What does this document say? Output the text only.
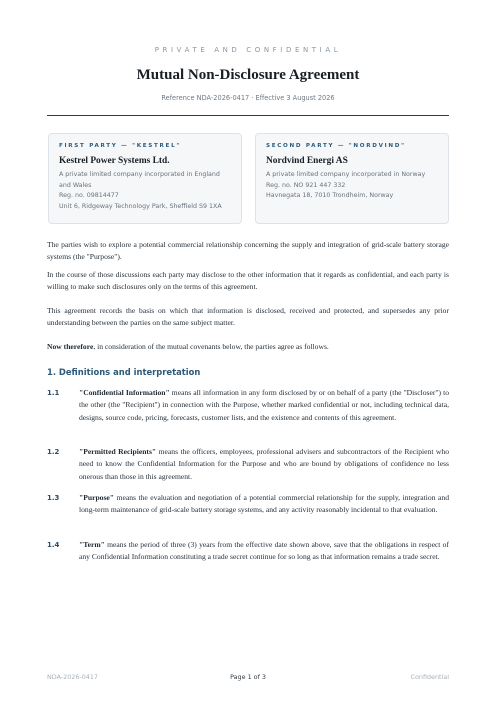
PRIVATE AND CONFIDENTIAL
Mutual Non-Disclosure Agreement
Reference NDA-2026-0417 · Effective 3 August 2026
FIRST PARTY — "KESTREL"
Kestrel Power Systems Ltd.
A private limited company incorporated in England and Wales
Reg. no. 09814477
Unit 6, Ridgeway Technology Park, Sheffield S9 1XA
SECOND PARTY — "NORDVIND"
Nordvind Energi AS
A private limited company incorporated in Norway
Reg. no. NO 921 447 332
Havnegata 18, 7010 Trondheim, Norway

The parties wish to explore a potential commercial relationship concerning the supply and integration of grid-scale battery storage systems (the "Purpose").

In the course of those discussions each party may disclose to the other information that it regards as confidential, and each party is willing to make such disclosures only on the terms of this agreement.

This agreement records the basis on which that information is disclosed, received and protected, and supersedes any prior understanding between the parties on the same subject matter.

Now therefore, in consideration of the mutual covenants below, the parties agree as follows.

1. Definitions and interpretation
1.1	"Confidential Information" means all information in any form disclosed by or on behalf of a party (the "Discloser") to the other (the "Recipient") in connection with the Purpose, whether marked confidential or not, including technical data, designs, source code, pricing, forecasts, customer lists, and the existence and contents of this agreement.

1.2	"Permitted Recipients" means the officers, employees, professional advisers and subcontractors of the Recipient who need to know the Confidential Information for the Purpose and who are bound by obligations of confidence no less onerous than those in this agreement.

1.3	"Purpose" means the evaluation and negotiation of a potential commercial relationship for the supply, integration and long-term maintenance of grid-scale battery storage systems, and any activity reasonably incidental to that evaluation.

1.4	"Term" means the period of three (3) years from the effective date shown above, save that the obligations in respect of any Confidential Information constituting a trade secret continue for so long as that information remains a trade secret.

NDA-2026-0417	Page 1 of 3	Confidential
